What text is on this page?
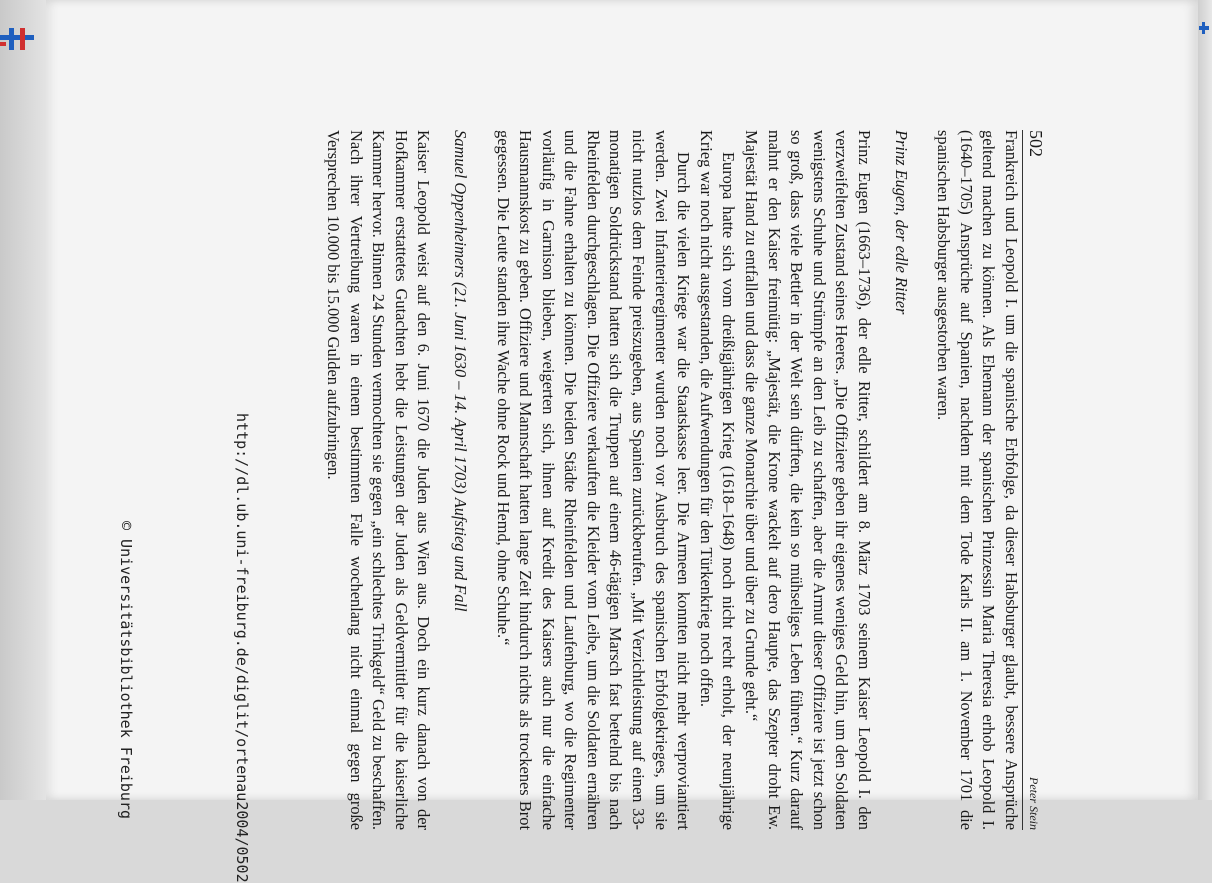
http://dl.ub.uni-freiburg.de/diglit/ortenau2004/0502
© Universitätsbibliothek Freiburg
502
Peter Stein

Frankreich und Leopold I. um die spanische Erbfolge, da dieser Habsburger glaubt, bessere Ansprüche geltend machen zu können. Als Ehemann der spanischen Prinzessin Maria Theresia erhob Leopold I. (1640–1705) Ansprüche auf Spanien, nachdem mit dem Tode Karls II. am 1. November 1701 die spanischen Habsburger ausgestorben waren.

Prinz Eugen, der edle Ritter

Prinz Eugen (1663–1736), der edle Ritter, schildert am 8. März 1703 seinem Kaiser Leopold I. den verzweifelten Zustand seines Heeres. „Die Offiziere geben ihr eigenes weniges Geld hin, um den Soldaten wenigstens Schuhe und Strümpfe an den Leib zu schaffen, aber die Armut dieser Offiziere ist jetzt schon so groß, dass viele Bettler in der Welt sein dürften, die kein so mühseliges Leben führen.“ Kurz darauf mahnt er den Kaiser freimütig: „Majestät, die Krone wackelt auf dero Haupte, das Szepter droht Ew. Majestät Hand zu entfallen und dass die ganze Monarchie über und über zu Grunde geht.“

Europa hatte sich vom dreißigjährigen Krieg (1618–1648) noch nicht recht erholt, der neunjährige Krieg war noch nicht ausgestanden, die Aufwendungen für den Türkenkrieg noch offen.

Durch die vielen Kriege war die Staatskasse leer. Die Armeen konnten nicht mehr verproviantiert werden. Zwei Infanterieregimenter wurden noch vor Ausbruch des spanischen Erbfolgekrieges, um sie nicht nutzlos dem Feinde preiszugeben, aus Spanien zurückberufen. „Mit Verzichtleistung auf einen 33-monatigen Soldrückstand hatten sich die Truppen auf einem 46-tägigen Marsch fast bettelnd bis nach Rheinfelden durchgeschlagen. Die Offiziere verkauften die Kleider vom Leibe, um die Soldaten ernähren und die Fahne erhalten zu können. Die beiden Städte Rheinfelden und Laufenburg, wo die Regimenter vorläufig in Garnison blieben, weigerten sich, ihnen auf Kredit des Kaisers auch nur die einfache Hausmannskost zu geben. Offiziere und Mannschaft hatten lange Zeit hindurch nichts als trockenes Brot gegessen. Die Leute standen ihre Wache ohne Rock und Hemd, ohne Schuhe.“

Samuel Oppenheimers (21. Juni 1630 – 14. April 1703) Aufstieg und Fall

Kaiser Leopold weist auf den 6. Juni 1670 die Juden aus Wien aus. Doch ein kurz danach von der Hofkammer erstattetes Gutachten hebt die Leistungen der Juden als Geldvermittler für die kaiserliche Kammer hervor. Binnen 24 Stunden vermochten sie gegen „ein schlechtes Trinkgeld“ Geld zu beschaffen. Nach ihrer Vertreibung waren in einem bestimmten Falle wochenlang nicht einmal gegen große Versprechen 10.000 bis 15.000 Gulden aufzubringen.
